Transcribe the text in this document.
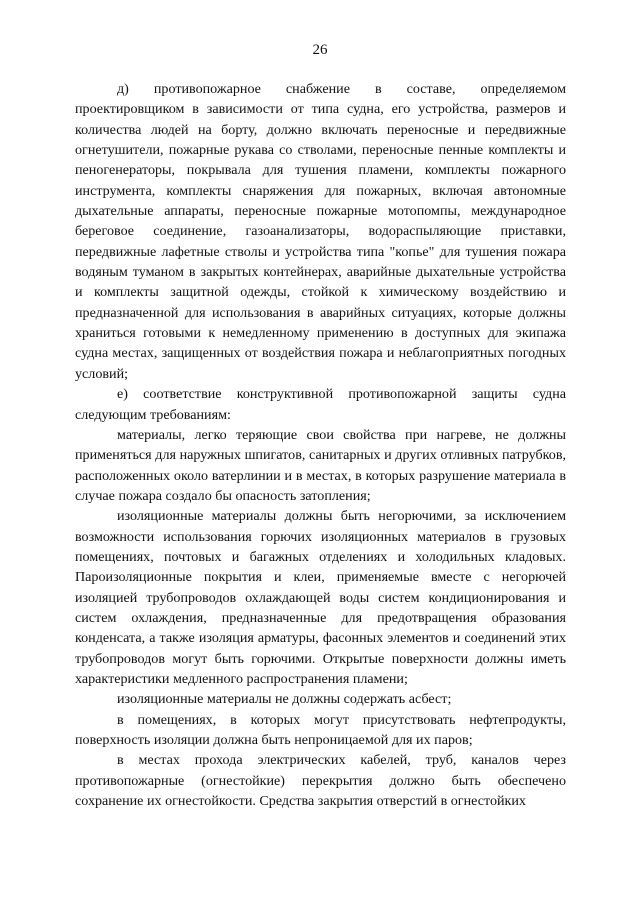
26

д) противопожарное снабжение в составе, определяемом проектировщиком в зависимости от типа судна, его устройства, размеров и количества людей на борту, должно включать переносные и передвижные огнетушители, пожарные рукава со стволами, переносные пенные комплекты и пеногенераторы, покрывала для тушения пламени, комплекты пожарного инструмента, комплекты снаряжения для пожарных, включая автономные дыхательные аппараты, переносные пожарные мотопомпы, международное береговое соединение, газоанализаторы, водораспыляющие приставки, передвижные лафетные стволы и устройства типа "копье" для тушения пожара водяным туманом в закрытых контейнерах, аварийные дыхательные устройства и комплекты защитной одежды, стойкой к химическому воздействию и предназначенной для использования в аварийных ситуациях, которые должны храниться готовыми к немедленному применению в доступных для экипажа судна местах, защищенных от воздействия пожара и неблагоприятных погодных условий;

е) соответствие конструктивной противопожарной защиты судна следующим требованиям:

материалы, легко теряющие свои свойства при нагреве, не должны применяться для наружных шпигатов, санитарных и других отливных патрубков, расположенных около ватерлинии и в местах, в которых разрушение материала в случае пожара создало бы опасность затопления;

изоляционные материалы должны быть негорючими, за исключением возможности использования горючих изоляционных материалов в грузовых помещениях, почтовых и багажных отделениях и холодильных кладовых. Пароизоляционные покрытия и клеи, применяемые вместе с негорючей изоляцией трубопроводов охлаждающей воды систем кондиционирования и систем охлаждения, предназначенные для предотвращения образования конденсата, а также изоляция арматуры, фасонных элементов и соединений этих трубопроводов могут быть горючими. Открытые поверхности должны иметь характеристики медленного распространения пламени;

изоляционные материалы не должны содержать асбест;

в помещениях, в которых могут присутствовать нефтепродукты, поверхность изоляции должна быть непроницаемой для их паров;

в местах прохода электрических кабелей, труб, каналов через противопожарные (огнестойкие) перекрытия должно быть обеспечено сохранение их огнестойкости. Средства закрытия отверстий в огнестойких
